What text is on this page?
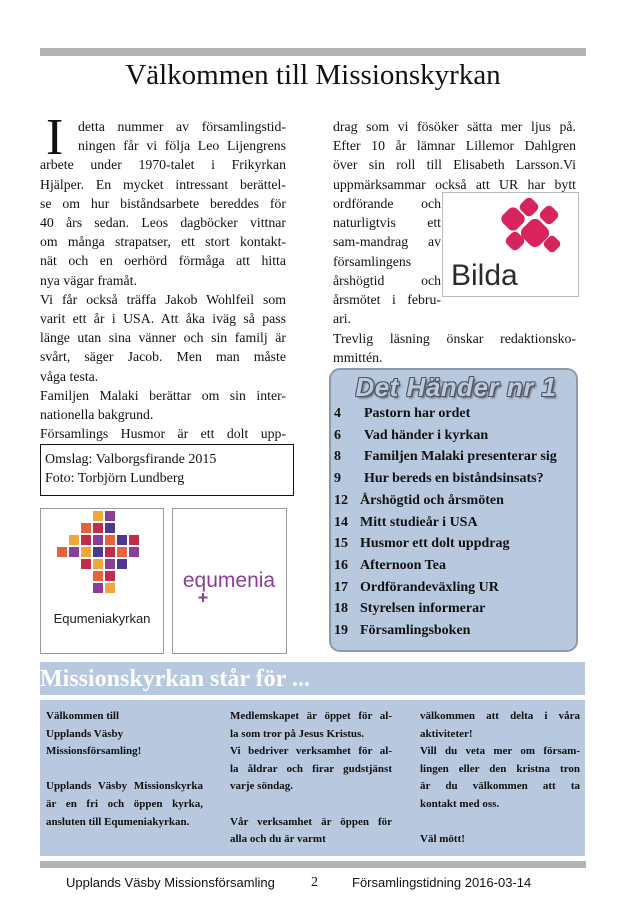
Välkommen till Missionskyrkan
I	detta nummer av församlingstid-
ningen får vi följa Leo Lijengrens
arbete under 1970-talet i Frikyrkan
Hjälper. En mycket intressant berättel-
se om hur biståndsarbete bereddes för
40 års sedan. Leos dagböcker vittnar
om många strapatser, ett stort kontakt-
nät och en oerhörd förmåga att hitta
nya vägar framåt.
Vi får också träffa Jakob Wohlfeil som
varit ett år i USA. Att åka iväg så pass
länge utan sina vänner och sin familj är
svårt, säger Jacob. Men man måste
våga testa.
Familjen Malaki berättar om sin inter-
nationella bakgrund.
Församlings Husmor är ett dolt upp-
drag som vi fösöker sätta mer ljus på.
Efter 10 år lämnar Lillemor Dahlgren
över sin roll till Elisabeth Larsson.Vi
uppmärksammar också att UR har bytt
ordförande och
naturligtvis ett
sam-mandrag av
församlingens
årshögtid och
årsmötet i febru-
ari.
Trevlig läsning önskar redaktionsko-
mmittén.
Bilda
Omslag: Valborgsfirande 2015
Foto: Torbjörn Lundberg
Equmeniakyrkan
equmenia
Det Händer nr 1
4 Pastorn har ordet
6 Vad händer i kyrkan
8 Familjen Malaki presenterar sig
9 Hur bereds en biståndsinsats?
12 Årshögtid och årsmöten
14 Mitt studieår i USA
15 Husmor ett dolt uppdrag
16 Afternoon Tea
17 Ordförandeväxling UR
18 Styrelsen informerar
19 Församlingsboken
Missionskyrkan står för ...
Välkommen till
Upplands Väsby
Missionsförsamling!

Upplands Väsby Missionskyrka
är en fri och öppen kyrka,
ansluten till Equmeniakyrkan.
Medlemskapet är öppet för al-
la som tror på Jesus Kristus.
Vi bedriver verksamhet för al-
la åldrar och firar gudstjänst
varje söndag.

Vår verksamhet är öppen för
alla och du är varmt
välkommen att delta i våra
aktiviteter!
Vill du veta mer om försam-
lingen eller den kristna tron
är du välkommen att ta
kontakt med oss.

Väl mött!
Upplands Väsby Missionsförsamling	2	Församlingstidning 2016-03-14
